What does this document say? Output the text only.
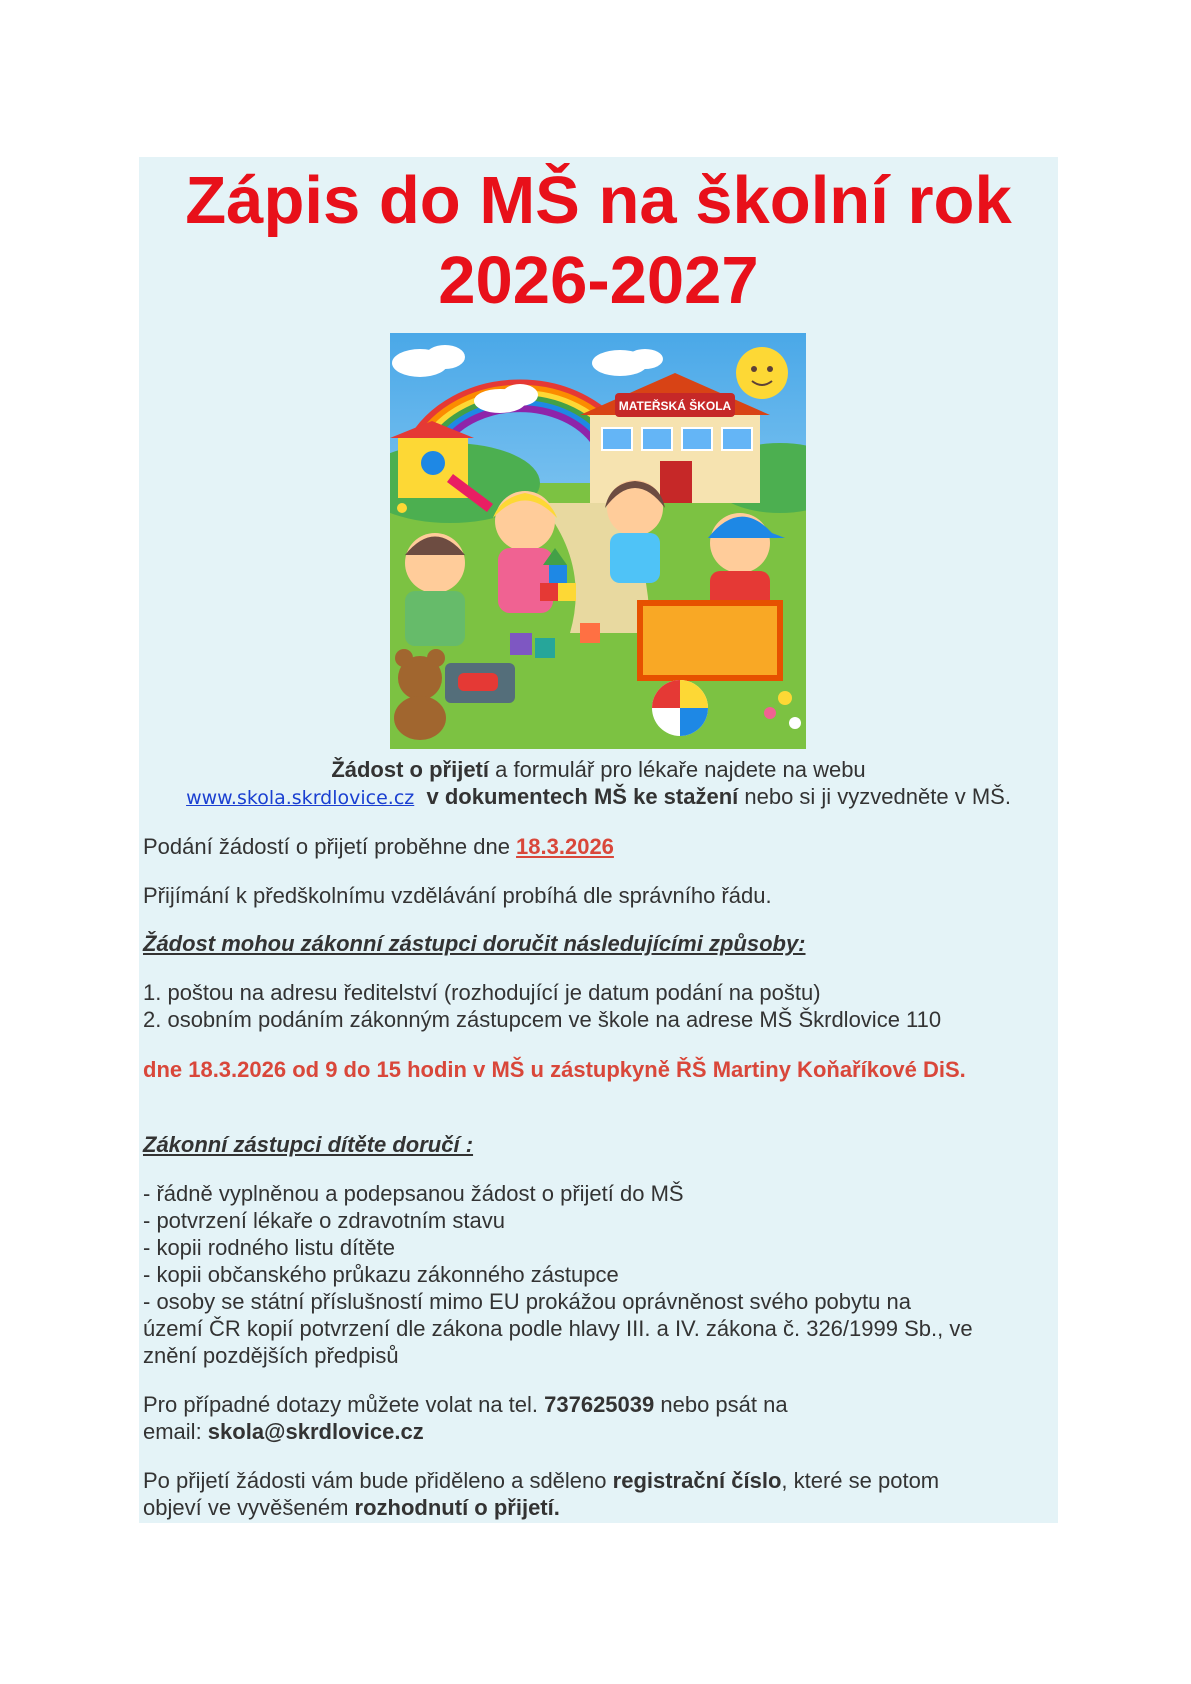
Zápis do MŠ na školní rok
2026-2027
MATEŘSKÁ ŠKOLA

Žádost o přijetí a formulář pro lékaře najdete na webu

www.skola.skrdlovice.cz v dokumentech MŠ ke stažení nebo si ji vyzvedněte v MŠ.

Podání žádostí o přijetí proběhne dne 18.3.2026

Přijímání k předškolnímu vzdělávání probíhá dle správního řádu.

Žádost mohou zákonní zástupci doručit následujícími způsoby:

1. poštou na adresu ředitelství (rozhodující je datum podání na poštu)

2. osobním podáním zákonným zástupcem ve škole na adrese MŠ Škrdlovice 110

dne 18.3.2026 od 9 do 15 hodin v MŠ u zástupkyně ŘŠ Martiny Koňaříkové DiS.

Zákonní zástupci dítěte doručí :

- řádně vyplněnou a podepsanou žádost o přijetí do MŠ

- potvrzení lékaře o zdravotním stavu

- kopii rodného listu dítěte

- kopii občanského průkazu zákonného zástupce

- osoby se státní příslušností mimo EU prokážou oprávněnost svého pobytu na

území ČR kopií potvrzení dle zákona podle hlavy III. a IV. zákona č. 326/1999 Sb., ve

znění pozdějších předpisů

Pro případné dotazy můžete volat na tel. 737625039 nebo psát na

email: skola@skrdlovice.cz

Po přijetí žádosti vám bude přiděleno a sděleno registrační číslo, které se potom

objeví ve vyvěšeném rozhodnutí o přijetí.
